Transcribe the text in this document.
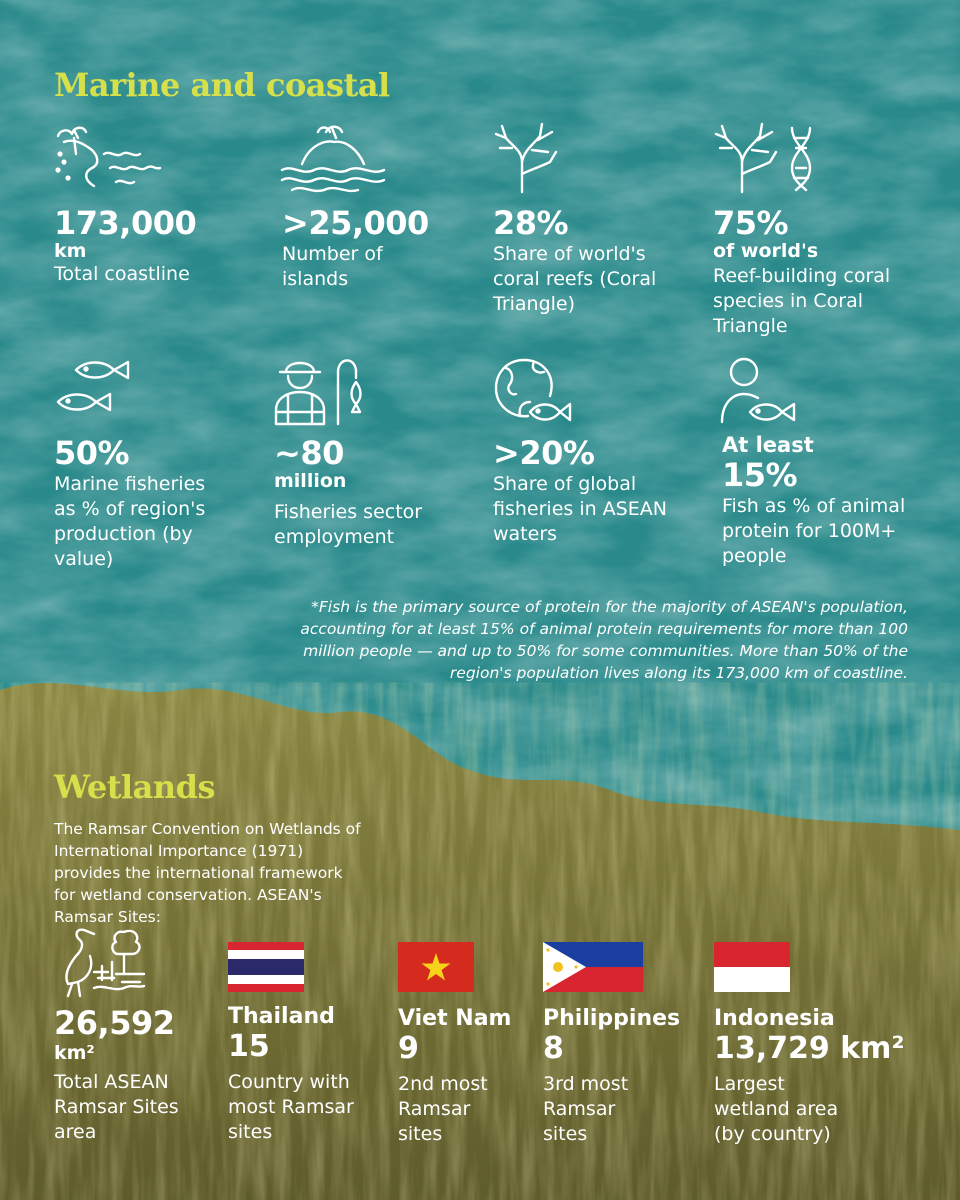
Marine and coastal
173,000
km
Total coastline
>25,000
Number of islands
28%
Share of world's coral reefs (Coral Triangle)
75%
of world's
Reef-building coral species in Coral Triangle
50%
Marine fisheries as % of region's production (by value)
~80
million
Fisheries sector employment
>20%
Share of global fisheries in ASEAN waters
At least
15%
Fish as % of animal protein for 100M+ people
*Fish is the primary source of protein for the majority of ASEAN's population, accounting for at least 15% of animal protein requirements for more than 100 million people — and up to 50% for some communities. More than 50% of the region's population lives along its 173,000 km of coastline.
Wetlands
The Ramsar Convention on Wetlands of International Importance (1971) provides the international framework for wetland conservation. ASEAN's Ramsar Sites:
26,592
km²
Total ASEAN Ramsar Sites area
Thailand
15
Country with most Ramsar sites
Viet Nam
9
2nd most Ramsar sites
Philippines
8
3rd most Ramsar sites
Indonesia
13,729 km²
Largest wetland area (by country)
